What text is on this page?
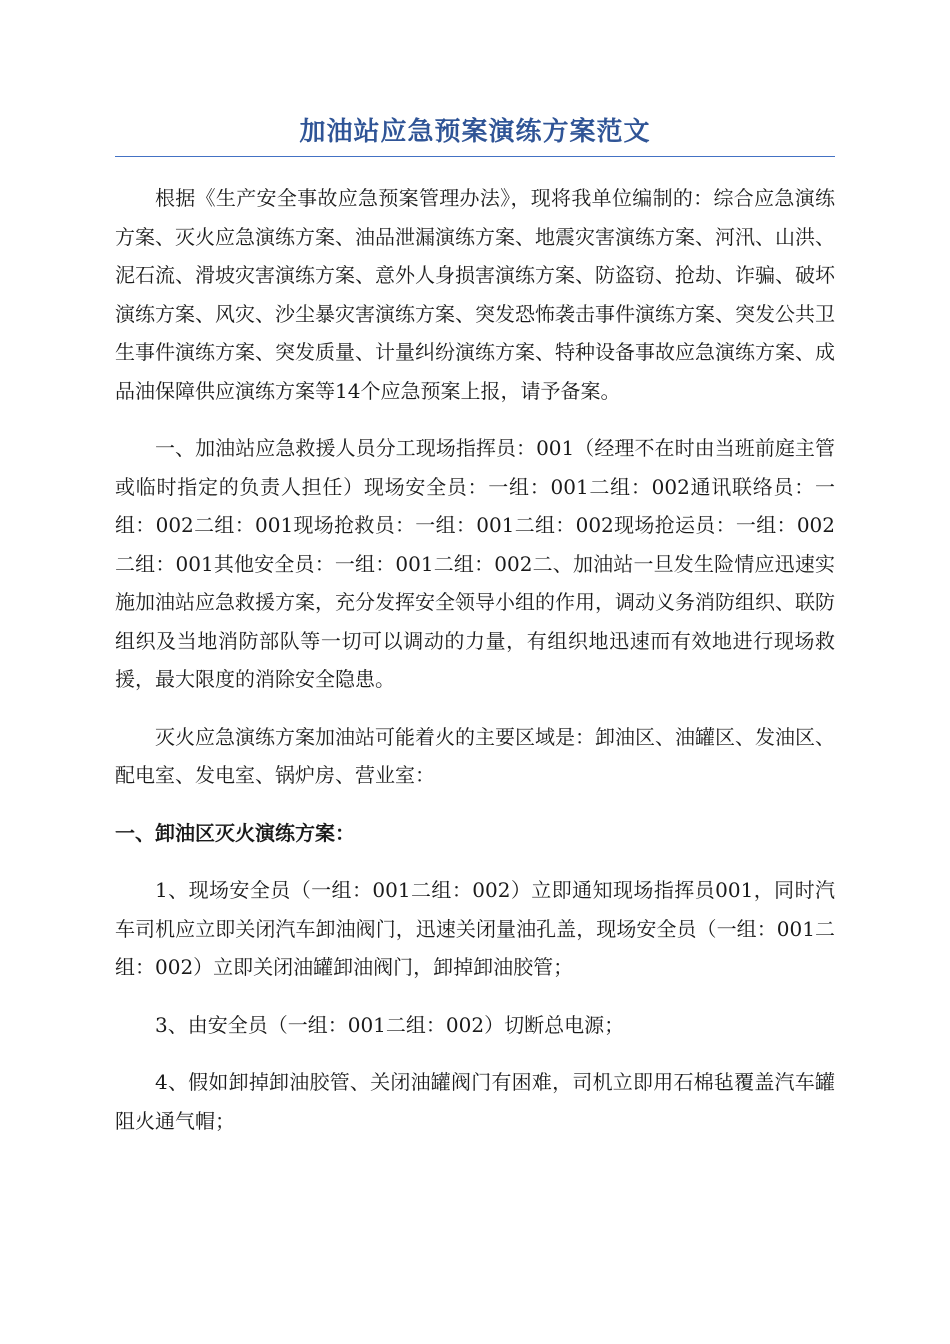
加油站应急预案演练方案范文

根据《生产安全事故应急预案管理办法》，现将我单位编制的：综合应急演练方案、灭火应急演练方案、油品泄漏演练方案、地震灾害演练方案、河汛、山洪、泥石流、滑坡灾害演练方案、意外人身损害演练方案、防盗窃、抢劫、诈骗、破坏演练方案、风灾、沙尘暴灾害演练方案、突发恐怖袭击事件演练方案、突发公共卫生事件演练方案、突发质量、计量纠纷演练方案、特种设备事故应急演练方案、成品油保障供应演练方案等14个应急预案上报，请予备案。

一、加油站应急救援人员分工现场指挥员：001（经理不在时由当班前庭主管或临时指定的负责人担任）现场安全员：一组：001二组：002通讯联络员：一组：002二组：001现场抢救员：一组：001二组：002现场抢运员：一组：002二组：001其他安全员：一组：001二组：002二、加油站一旦发生险情应迅速实施加油站应急救援方案，充分发挥安全领导小组的作用，调动义务消防组织、联防组织及当地消防部队等一切可以调动的力量，有组织地迅速而有效地进行现场救援，最大限度的消除安全隐患。

灭火应急演练方案加油站可能着火的主要区域是：卸油区、油罐区、发油区、配电室、发电室、锅炉房、营业室：

一、卸油区灭火演练方案：

1、现场安全员（一组：001二组：002）立即通知现场指挥员001，同时汽车司机应立即关闭汽车卸油阀门，迅速关闭量油孔盖，现场安全员（一组：001二组：002）立即关闭油罐卸油阀门，卸掉卸油胶管；

3、由安全员（一组：001二组：002）切断总电源；

4、假如卸掉卸油胶管、关闭油罐阀门有困难，司机立即用石棉毡覆盖汽车罐阻火通气帽；
